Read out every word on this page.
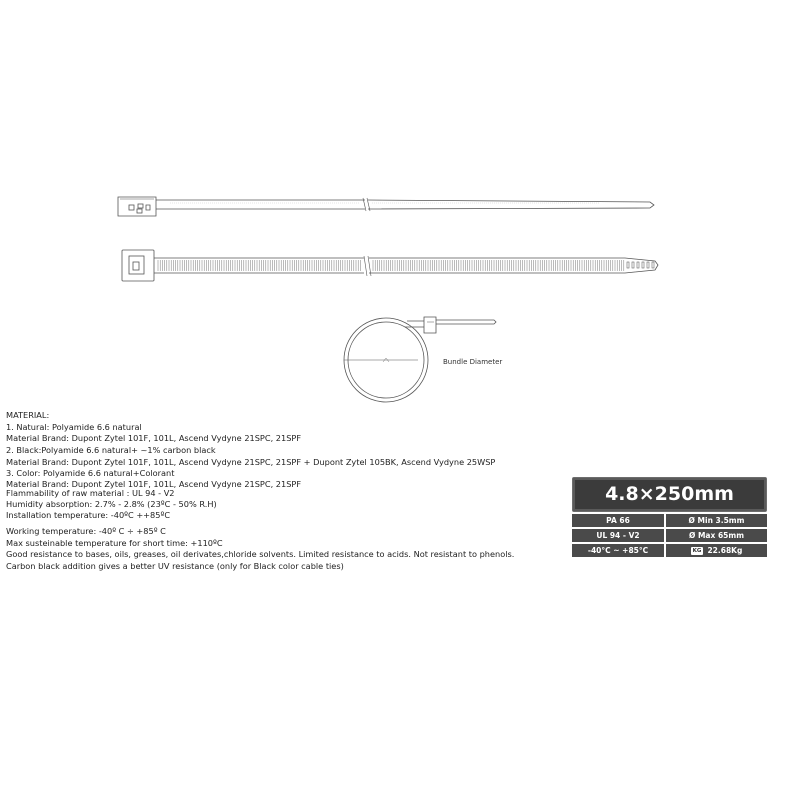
Bundle Diameter
MATERIAL:
1. Natural: Polyamide 6.6 natural
Material Brand: Dupont Zytel 101F, 101L, Ascend Vydyne 21SPC, 21SPF
2. Black:Polyamide 6.6 natural+ ~1% carbon black
Material Brand: Dupont Zytel 101F, 101L, Ascend Vydyne 21SPC, 21SPF + Dupont Zytel 105BK, Ascend Vydyne 25WSP
3. Color: Polyamide 6.6 natural+Colorant
Material Brand: Dupont Zytel 101F, 101L, Ascend Vydyne 21SPC, 21SPF
Flammability of raw material : UL 94 - V2
Humidity absorption: 2.7% - 2.8% (23ºC - 50% R.H)
Installation temperature: -40ºC ++85ºC
Working temperature: -40º C ÷ +85º C
Max susteinable temperature for short time: +110ºC
Good resistance to bases, oils, greases, oil derivates,chloride solvents. Limited resistance to acids. Not resistant to phenols.
Carbon black addition gives a better UV resistance (only for Black color cable ties)
4.8×250mm
PA 66	Ø Min 3.5mm
UL 94 - V2	Ø Max 65mm
-40°C ~ +85°C	KG 22.68Kg
